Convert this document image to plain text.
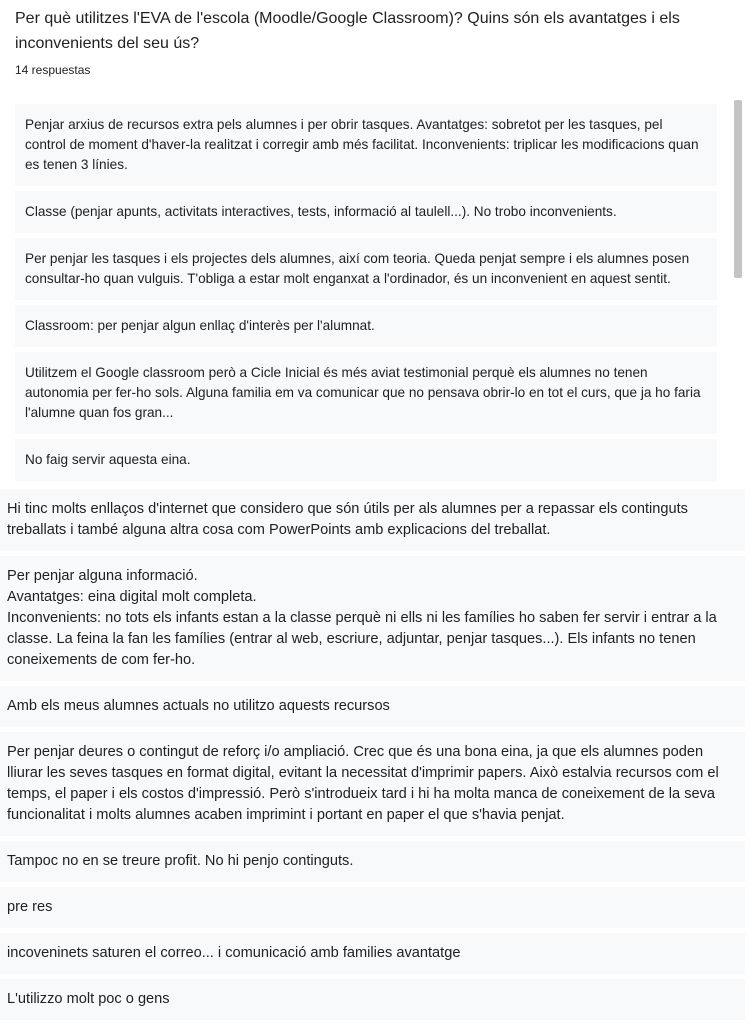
Per què utilitzes l'EVA de l'escola (Moodle/Google Classroom)? Quins són els avantatges i els inconvenients del seu ús?
14 respuestas
Penjar arxius de recursos extra pels alumnes i per obrir tasques. Avantatges: sobretot per les tasques, pel control de moment d'haver-la realitzat i corregir amb més facilitat. Inconvenients: triplicar les modificacions quan es tenen 3 línies.
Classe (penjar apunts, activitats interactives, tests, informació al taulell...). No trobo inconvenients.
Per penjar les tasques i els projectes dels alumnes, així com teoria. Queda penjat sempre i els alumnes posen consultar-ho quan vulguis. T'obliga a estar molt enganxat a l'ordinador, és un inconvenient en aquest sentit.
Classroom: per penjar algun enllaç d'interès per l'alumnat.
Utilitzem el Google classroom però a Cicle Inicial és més aviat testimonial perquè els alumnes no tenen autonomia per fer-ho sols. Alguna familia em va comunicar que no pensava obrir-lo en tot el curs, que ja ho faria l'alumne quan fos gran...
No faig servir aquesta eina.
Hi tinc molts enllaços d'internet que considero que són útils per als alumnes per a repassar els continguts treballats i també alguna altra cosa com PowerPoints amb explicacions del treballat.
Per penjar alguna informació.
Avantatges: eina digital molt completa.
Inconvenients: no tots els infants estan a la classe perquè ni ells ni les famílies ho saben fer servir i entrar a la classe. La feina la fan les famílies (entrar al web, escriure, adjuntar, penjar tasques...). Els infants no tenen coneixements de com fer-ho.
Amb els meus alumnes actuals no utilitzo aquests recursos
Per penjar deures o contingut de reforç i/o ampliació. Crec que és una bona eina, ja que els alumnes poden lliurar les seves tasques en format digital, evitant la necessitat d'imprimir papers. Això estalvia recursos com el temps, el paper i els costos d'impressió. Però s'introdueix tard i hi ha molta manca de coneixement de la seva funcionalitat i molts alumnes acaben imprimint i portant en paper el que s'havia penjat.
Tampoc no en se treure profit. No hi penjo continguts.
pre res
incoveninets saturen el correo... i comunicació amb families avantatge
L'utilizzo molt poc o gens
